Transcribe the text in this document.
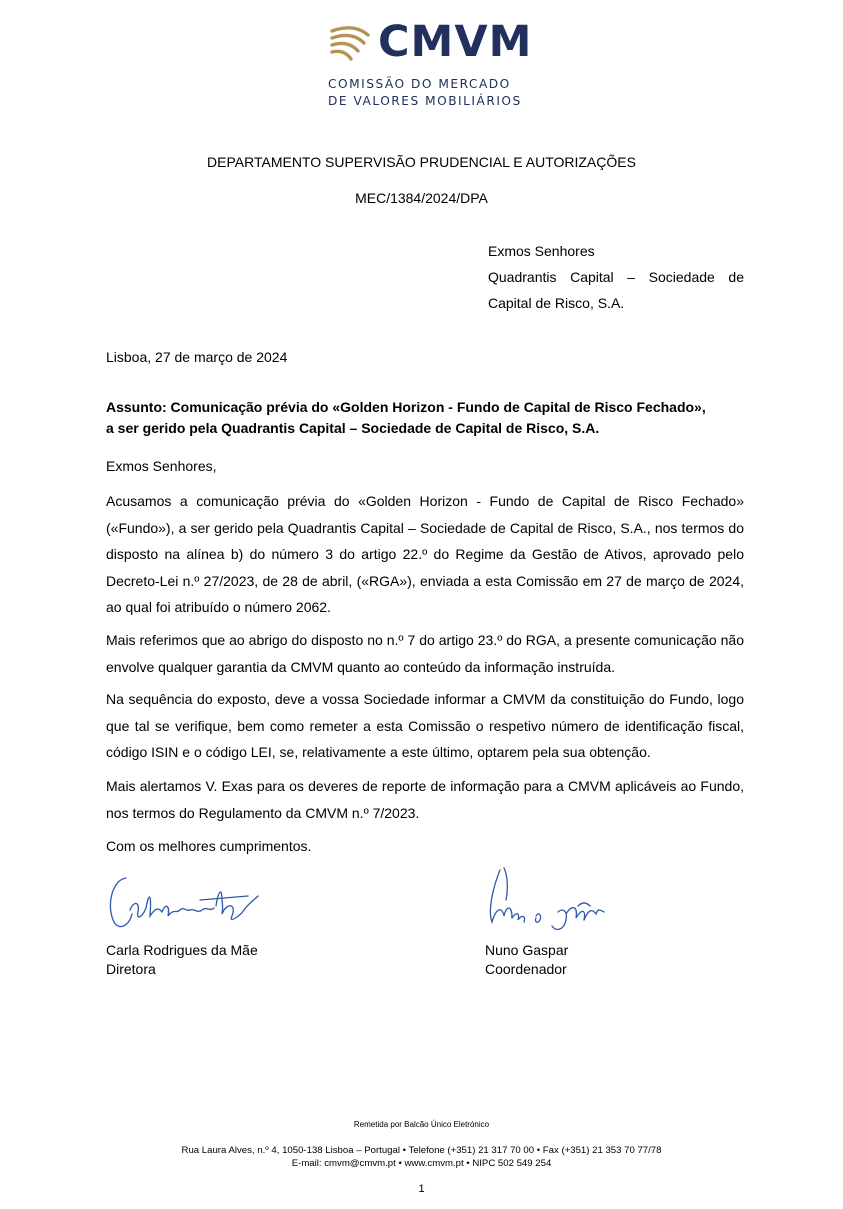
CMVM
COMISSÃO DO MERCADO
DE VALORES MOBILIÁRIOS
DEPARTAMENTO SUPERVISÃO PRUDENCIAL E AUTORIZAÇÕES
MEC/1384/2024/DPA
Exmos Senhores
Quadrantis Capital – Sociedade de
Capital de Risco, S.A.
Lisboa, 27 de março de 2024
Assunto: Comunicação prévia do «Golden Horizon - Fundo de Capital de Risco Fechado»,
a ser gerido pela Quadrantis Capital – Sociedade de Capital de Risco, S.A.
Exmos Senhores,
Acusamos a comunicação prévia do «Golden Horizon - Fundo de Capital de Risco Fechado» («Fundo»), a ser gerido pela Quadrantis Capital – Sociedade de Capital de Risco, S.A., nos termos do disposto na alínea b) do número 3 do artigo 22.º do Regime da Gestão de Ativos, aprovado pelo Decreto-Lei n.º 27/2023, de 28 de abril, («RGA»), enviada a esta Comissão em 27 de março de 2024, ao qual foi atribuído o número 2062.
Mais referimos que ao abrigo do disposto no n.º 7 do artigo 23.º do RGA, a presente comunicação não envolve qualquer garantia da CMVM quanto ao conteúdo da informação instruída.
Na sequência do exposto, deve a vossa Sociedade informar a CMVM da constituição do Fundo, logo que tal se verifique, bem como remeter a esta Comissão o respetivo número de identificação fiscal, código ISIN e o código LEI, se, relativamente a este último, optarem pela sua obtenção.
Mais alertamos V. Exas para os deveres de reporte de informação para a CMVM aplicáveis ao Fundo, nos termos do Regulamento da CMVM n.º 7/2023.
Com os melhores cumprimentos.
Carla Rodrigues da Mãe
Diretora
Nuno Gaspar
Coordenador
Remetida por Balcão Único Eletrónico
Rua Laura Alves, n.º 4, 1050-138 Lisboa – Portugal • Telefone (+351) 21 317 70 00 • Fax (+351) 21 353 70 77/78
E-mail: cmvm@cmvm.pt • www.cmvm.pt • NIPC 502 549 254
1
